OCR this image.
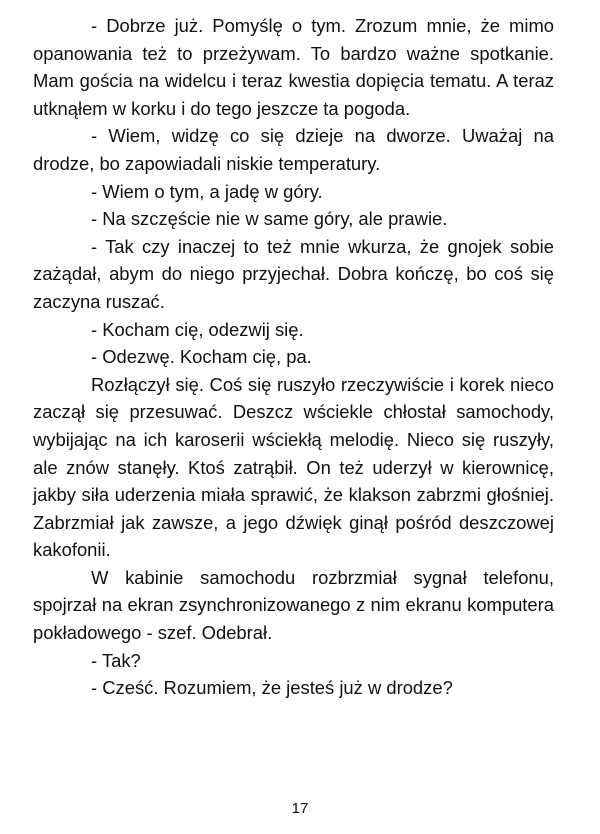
- Dobrze już. Pomyślę o tym. Zrozum mnie, że mimo opanowania też to przeżywam. To bardzo ważne spotkanie. Mam gościa na widelcu i teraz kwestia dopięcia tematu. A teraz utknąłem w korku i do tego jeszcze ta pogoda.

- Wiem, widzę co się dzieje na dworze. Uważaj na drodze, bo zapowiadali niskie temperatury.

- Wiem o tym, a jadę w góry.

- Na szczęście nie w same góry, ale prawie.

- Tak czy inaczej to też mnie wkurza, że gnojek sobie zażądał, abym do niego przyjechał. Dobra kończę, bo coś się zaczyna ruszać.

- Kocham cię, odezwij się.

- Odezwę. Kocham cię, pa.

Rozłączył się. Coś się ruszyło rzeczywiście i korek nieco zaczął się przesuwać. Deszcz wściekle chłostał samochody, wybijając na ich karoserii wściekłą melodię. Nieco się ruszyły, ale znów stanęły. Ktoś zatrąbił. On też uderzył w kierownicę, jakby siła uderzenia miała sprawić, że klakson zabrzmi głośniej. Zabrzmiał jak zawsze, a jego dźwięk ginął pośród deszczowej kakofonii.

W kabinie samochodu rozbrzmiał sygnał telefonu, spojrzał na ekran zsynchronizowanego z nim ekranu komputera pokładowego - szef. Odebrał.

- Tak?

- Cześć. Rozumiem, że jesteś już w drodze?

17
